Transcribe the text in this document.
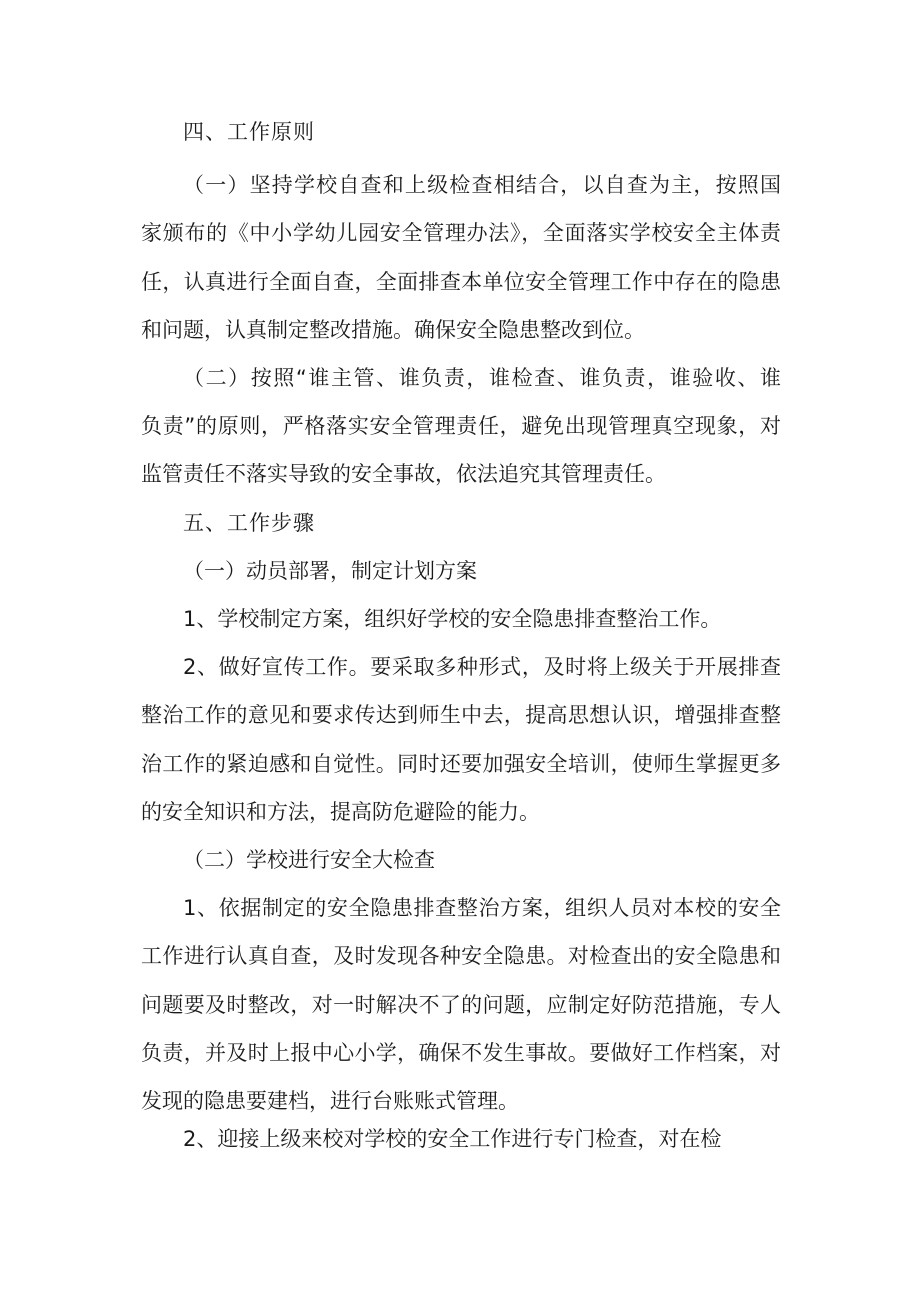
四、工作原则
（一）坚持学校自查和上级检查相结合，以自查为主，按照国
家颁布的《中小学幼儿园安全管理办法》，全面落实学校安全主体责
任，认真进行全面自查，全面排查本单位安全管理工作中存在的隐患
和问题，认真制定整改措施。确保安全隐患整改到位。
（二）按照“谁主管、谁负责，谁检查、谁负责，谁验收、谁
负责”的原则，严格落实安全管理责任，避免出现管理真空现象，对
监管责任不落实导致的安全事故，依法追究其管理责任。
五、工作步骤
（一）动员部署，制定计划方案
1、学校制定方案，组织好学校的安全隐患排查整治工作。
2、做好宣传工作。要采取多种形式，及时将上级关于开展排查
整治工作的意见和要求传达到师生中去，提高思想认识，增强排查整
治工作的紧迫感和自觉性。同时还要加强安全培训，使师生掌握更多
的安全知识和方法，提高防危避险的能力。
（二）学校进行安全大检查
1、依据制定的安全隐患排查整治方案，组织人员对本校的安全
工作进行认真自查，及时发现各种安全隐患。对检查出的安全隐患和
问题要及时整改，对一时解决不了的问题，应制定好防范措施，专人
负责，并及时上报中心小学，确保不发生事故。要做好工作档案，对
发现的隐患要建档，进行台账账式管理。
2、迎接上级来校对学校的安全工作进行专门检查，对在检
